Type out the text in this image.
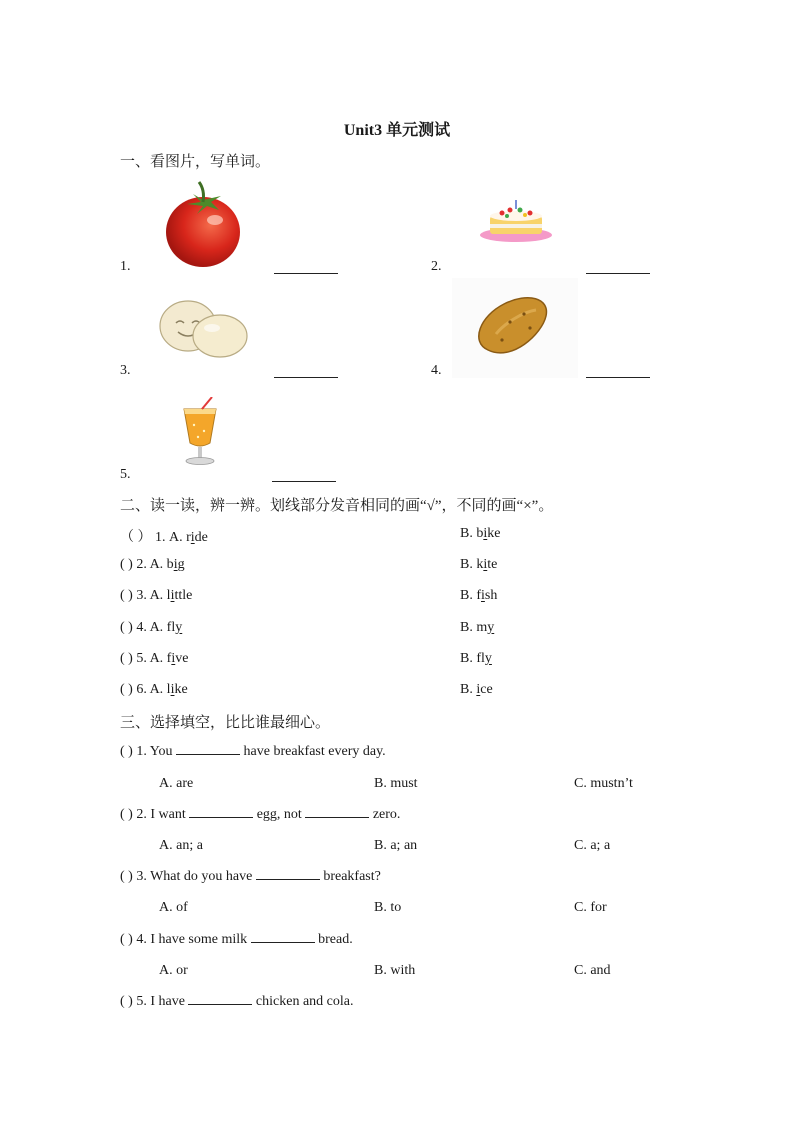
Unit3 单元测试
一、看图片，写单词。
1.	2.
3.	4.
5.
二、读一读，辨一辨。划线部分发音相同的画“√”，不同的画“×”。
（ ） 1. A. ride	B. bike
( ) 2. A. big	B. kite
( ) 3. A. little	B. fish
( ) 4. A. fly	B. my
( ) 5. A. five	B. fly
( ) 6. A. like	B. ice
三、选择填空，比比谁最细心。
( ) 1. You	have breakfast every day.
A. are	B. must	C. mustn’t
( ) 2. I want	egg, not	zero.
A. an; a	B. a; an	C. a; a
( ) 3. What do you have	breakfast?
A. of	B. to	C. for
( ) 4. I have some milk	bread.
A. or	B. with	C. and
( ) 5. I have	chicken and cola.
